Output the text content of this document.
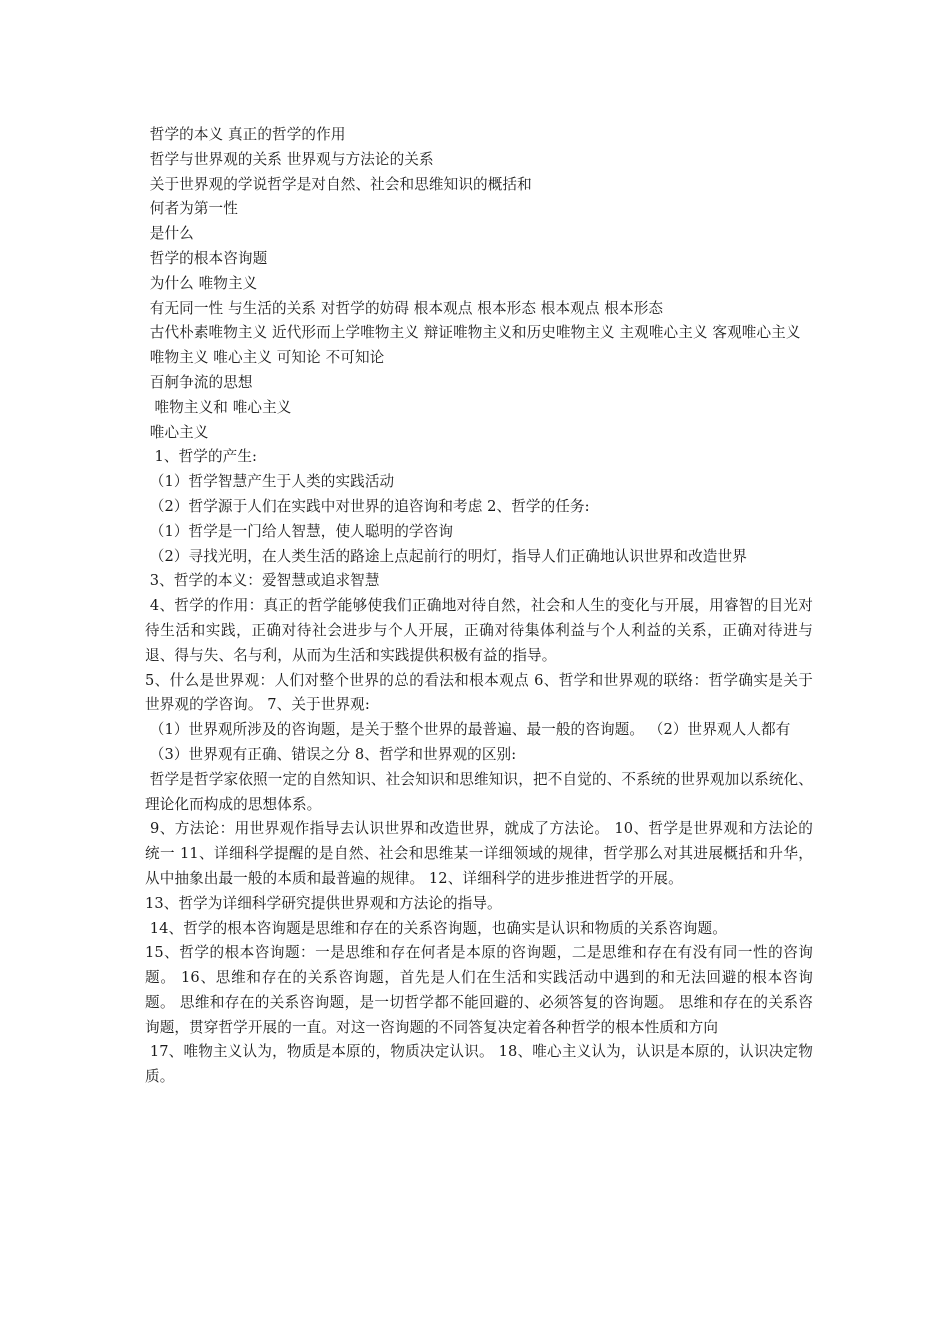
哲学的本义 真正的哲学的作用

哲学与世界观的关系 世界观与方法论的关系

关于世界观的学说哲学是对自然、社会和思维知识的概括和

何者为第一性

是什么

哲学的根本咨询题

为什么 唯物主义

有无同一性 与生活的关系 对哲学的妨碍 根本观点 根本形态 根本观点 根本形态

古代朴素唯物主义 近代形而上学唯物主义 辩证唯物主义和历史唯物主义 主观唯心主义 客观唯心主义

唯物主义 唯心主义 可知论 不可知论

百舸争流的思想

唯物主义和 唯心主义

唯心主义

1、哲学的产生:

（1）哲学智慧产生于人类的实践活动

（2）哲学源于人们在实践中对世界的追咨询和考虑 2、哲学的任务:

（1）哲学是一门给人智慧，使人聪明的学咨询

（2）寻找光明，在人类生活的路途上点起前行的明灯，指导人们正确地认识世界和改造世界

3、哲学的本义：爱智慧或追求智慧

4、哲学的作用：真正的哲学能够使我们正确地对待自然，社会和人生的变化与开展，用睿智的目光对待生活和实践，正确对待社会进步与个人开展，正确对待集体利益与个人利益的关系，正确对待进与退、得与失、名与利，从而为生活和实践提供积极有益的指导。

5、什么是世界观：人们对整个世界的总的看法和根本观点 6、哲学和世界观的联络：哲学确实是关于世界观的学咨询。 7、关于世界观:

（1）世界观所涉及的咨询题，是关于整个世界的最普遍、最一般的咨询题。 （2）世界观人人都有

（3）世界观有正确、错误之分 8、哲学和世界观的区别:

哲学是哲学家依照一定的自然知识、社会知识和思维知识，把不自觉的、不系统的世界观加以系统化、理论化而构成的思想体系。

9、方法论：用世界观作指导去认识世界和改造世界，就成了方法论。 10、哲学是世界观和方法论的统一 11、详细科学提醒的是自然、社会和思维某一详细领域的规律，哲学那么对其进展概括和升华，从中抽象出最一般的本质和最普遍的规律。 12、详细科学的进步推进哲学的开展。

13、哲学为详细科学研究提供世界观和方法论的指导。

14、哲学的根本咨询题是思维和存在的关系咨询题，也确实是认识和物质的关系咨询题。

15、哲学的根本咨询题：一是思维和存在何者是本原的咨询题，二是思维和存在有没有同一性的咨询题。 16、思维和存在的关系咨询题，首先是人们在生活和实践活动中遇到的和无法回避的根本咨询题。 思维和存在的关系咨询题，是一切哲学都不能回避的、必须答复的咨询题。 思维和存在的关系咨询题，贯穿哲学开展的一直。对这一咨询题的不同答复决定着各种哲学的根本性质和方向

17、唯物主义认为，物质是本原的，物质决定认识。 18、唯心主义认为，认识是本原的，认识决定物质。
